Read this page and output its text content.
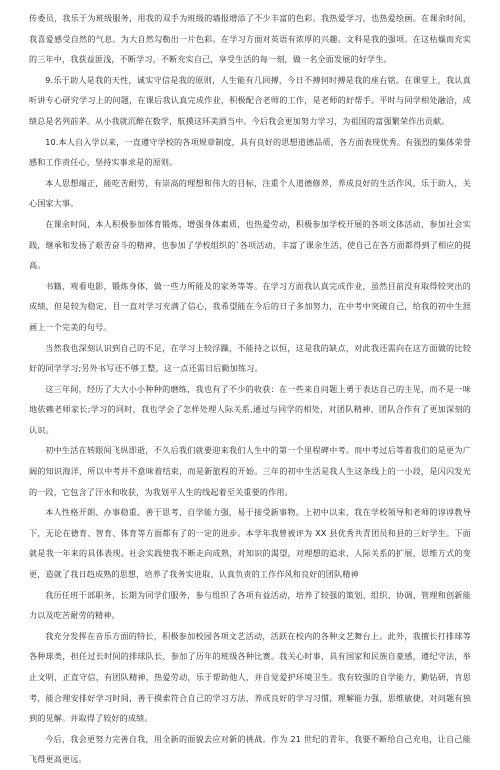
传委员，我乐于为班级服务，用我的双手为班级的墙报增添了不少丰富的色彩。我热爱学习，也热爱绘画。在课余时间，我喜爱感受自然的气息。为大自然勾勒出一片色彩。在学习方面对英语有浓厚的兴趣。文科是我的强项。在这枯燥而充实的三年中，我获益匪浅，不断学习，不断充实自己，享受生活的每一刻，做一名全面发展的好学生。

9.乐于助人是我的天性，诚实守信是我的原则，人生能有几回搏，今日不搏何时搏是我的座右铭。在课堂上，我认真听讲专心研究学习上的问题，在课后我认真完成作业，积极配合老师的工作，是老师的好帮手。平时与同学相处融洽，成绩总是名列前茅。从小我就沉醉在数学，航摸这环美酒当中。今后我会更加努力学习，为祖国的富强繁荣作出贡献。

10.本人自入学以来，一直遵守学校的各项规章制度，具有良好的思想道德品质，各方面表现优秀。有强烈的集体荣誉感和工作责任心，坚持实事求是的原则。

本人思想端正，能吃苦耐劳，有崇高的理想和伟大的目标，注重个人道德修养，养成良好的生活作风，乐于助人，关心国家大事。

在课余时间，本人积极参加体育锻炼，增强身体素质，也热爱劳动，积极参加学校开展的各项文体活动，参加社会实践，继承和发扬了艰苦奋斗的精神，也参加了学校组织的`各项活动，丰富了课余生活，使自己在各方面都得到了相应的提高。

书籍，观看电影，锻炼身体，做一些力所能及的家务等等。在学习方面我认真完成作业，虽然目前没有取得较突出的成绩，但是较为稳定，目一直对学习充满了信心，我希望能在今后的日子多加努力，在中考中突破自己，给我的初中生涯画上一个完美的句号。

当然我也深刻认识到自己的不足，在学习上较浮躁，不能持之以恒，这是我的缺点，对此我还需向在这方面做的比较好的同学学习;另外书写还不够工整，这一点还需日后勤加练习。

这三年间，经历了大大小小种种的磨练，我也有了不少的收获：在一些来自问题上勇于表达自己的主见，而不是一味地依赖老师家长;学习的同时，我也学会了怎样处理人际关系,通过与同学的相处，对团队精神、团队合作有了更加深刻的认识。

初中生活在转眼间飞纵即逝，不久后我们就要迎来我们人生中的第一个里程碑中考。而中考过后等着我们的是更为广阔的知识海洋，所以中考并不意味着结束，而是新旅程的开始。三年的初中生活是我人生这条线上的一小段，是闪闪发光的一段，它包含了汗水和收获，为我划平人生的线起着至关重要的作用。

本人性格开朗、办事稳重、善于思考、自学能力强，易于接受新事物。上初中以来，我在学校领导和老师的谆谆教导下，无论在德育、智育、体育等方面都有了的一定的进步。本学年我曾被评为 XX 县优秀共青团员和县的三好学生。下面就是我一年来的具体表现。社会实践使我不断走向成熟，对知识的渴望，对理想的追求，人际关系的扩展，思维方式的变更，造就了我日趋成熟的思想，培养了我务实进取、认真负责的工作作风和良好的团队精神

我历任班干部职务，长期为同学们服务，参与组织了各项有益活动，培养了较强的策划、组织、协调、管理和创新能力以及吃苦耐劳的精神。

我充分发挥在音乐方面的特长，积极参加校园各项文艺活动，活跃在校内的各种文艺舞台上。此外，我擅长打排球等各种球类，担任过长时间的排球队长，参加了历年的班级各种比赛。我关心时事，具有国家和民族自豪感，遵纪守法，举止文明，正直守信，有团队精神，热爱劳动，乐于帮助他人，并自觉爱护环境卫生。我有较强的自学能力，勤钻研，肯思考，能合理安排好学习时间，善于摸索符合自己的学习方法，养成良好的学习习惯，理解能力强，思维敏捷，对问题有独到的见解。并取得了较好的成绩。

今后，我会更努力完善自我，用全新的面貌去应对新的挑战。作为 21 世纪的青年，我要不断给自己充电，让自己能飞得更高更远。
